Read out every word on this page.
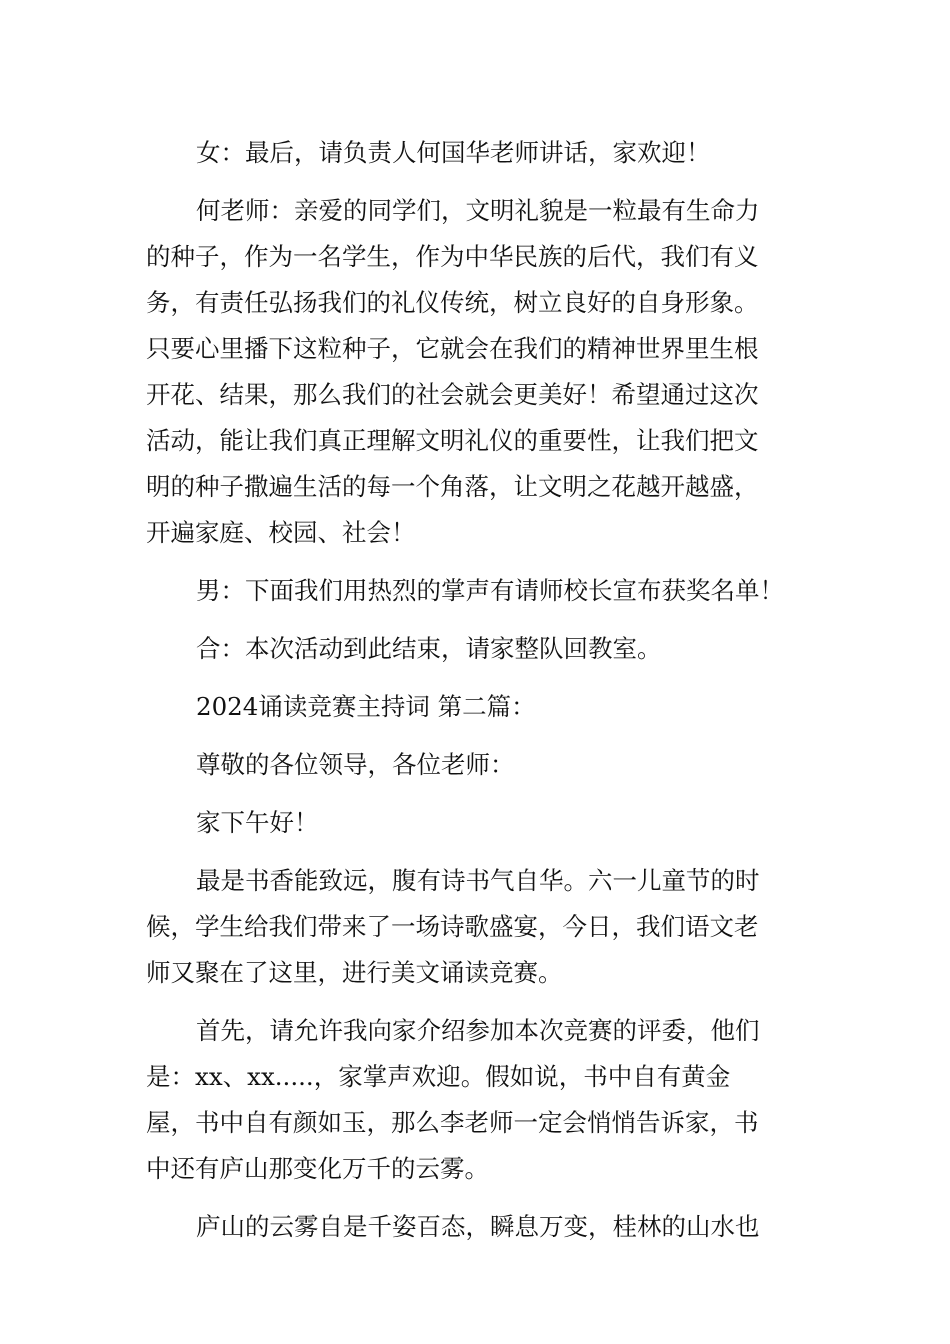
女：最后，请负责人何国华老师讲话，家欢迎！

何老师：亲爱的同学们，文明礼貌是一粒最有生命力
的种子，作为一名学生，作为中华民族的后代，我们有义
务，有责任弘扬我们的礼仪传统，树立良好的自身形象。
只要心里播下这粒种子，它就会在我们的精神世界里生根
开花、结果，那么我们的社会就会更美好！希望通过这次
活动，能让我们真正理解文明礼仪的重要性，让我们把文
明的种子撒遍生活的每一个角落，让文明之花越开越盛，
开遍家庭、校园、社会！

男：下面我们用热烈的掌声有请师校长宣布获奖名单！

合：本次活动到此结束，请家整队回教室。

2024诵读竞赛主持词 第二篇：

尊敬的各位领导，各位老师：

家下午好！

最是书香能致远，腹有诗书气自华。六一儿童节的时
候，学生给我们带来了一场诗歌盛宴，今日，我们语文老
师又聚在了这里，进行美文诵读竞赛。

首先，请允许我向家介绍参加本次竞赛的评委，他们
是：xx、xx.....，家掌声欢迎。假如说，书中自有黄金
屋，书中自有颜如玉，那么李老师一定会悄悄告诉家，书
中还有庐山那变化万千的云雾。

庐山的云雾自是千姿百态，瞬息万变，桂林的山水也
